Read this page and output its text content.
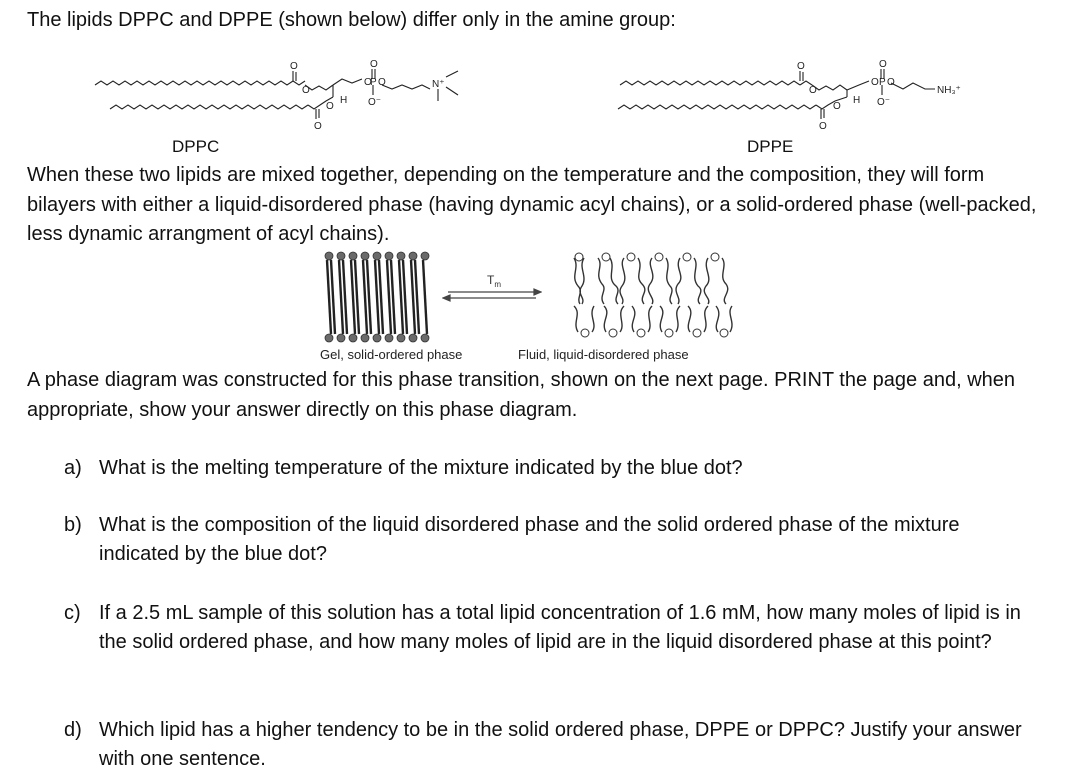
The lipids DPPC and DPPE (shown below) differ only in the amine group:

O
O
O
O
H
O
O
P
O⁻
O	N⁺
O
O
O
O
H
O
O
P
O⁻
O
NH₃⁺
DPPC	DPPE

When these two lipids are mixed together, depending on the temperature and the composition, they will form bilayers with either a liquid-disordered phase (having dynamic acyl chains), or a solid-ordered phase (well-packed, less dynamic arrangment of acyl chains).

$T_m$
Gel, solid-ordered phase	Fluid, liquid-disordered phase

A phase diagram was constructed for this phase transition, shown on the next page. PRINT the page and, when appropriate, show your answer directly on this phase diagram.

a) What is the melting temperature of the mixture indicated by the blue dot?
b) What is the composition of the liquid disordered phase and the solid ordered phase of the mixture indicated by the blue dot?
c) If a 2.5 mL sample of this solution has a total lipid concentration of 1.6 mM, how many moles of lipid is in the solid ordered phase, and how many moles of lipid are in the liquid disordered phase at this point?
d) Which lipid has a higher tendency to be in the solid ordered phase, DPPE or DPPC? Justify your answer with one sentence.
